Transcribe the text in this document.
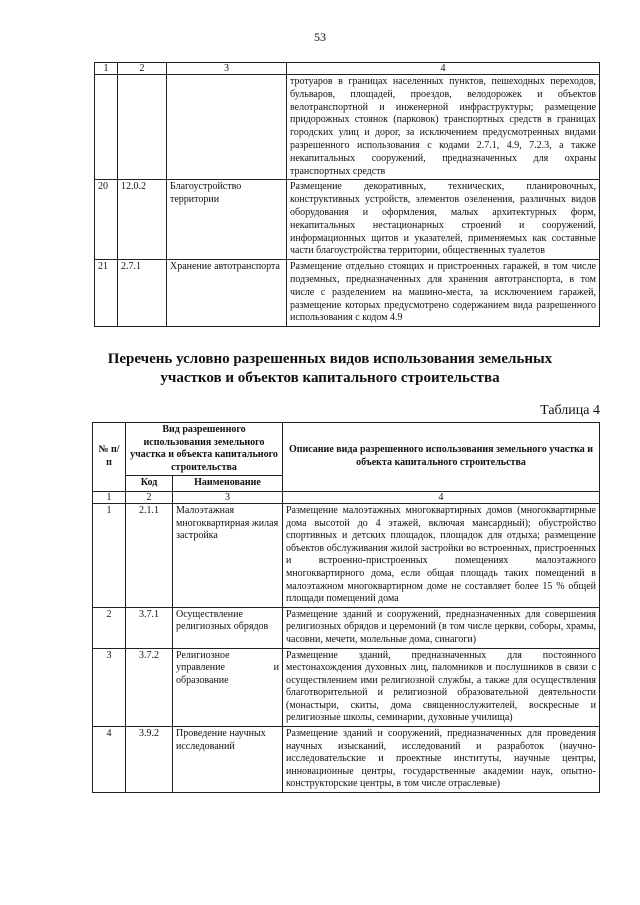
53
1	2	3	4
			тротуаров в границах населенных пунктов, пешеходных переходов, бульваров, площадей, проездов, велодорожек и объектов велотранспортной и инженерной инфраструктуры; размещение придорожных стоянок (парковок) транспортных средств в границах городских улиц и дорог, за исключением предусмотренных видами разрешенного использования с кодами 2.7.1, 4.9, 7.2.3, а также некапитальных сооружений, предназначенных для охраны транспортных средств
20	12.0.2	Благоустройство территории	Размещение декоративных, технических, планировочных, конструктивных устройств, элементов озеленения, различных видов оборудования и оформления, малых архитектурных форм, некапитальных нестационарных строений и сооружений, информационных щитов и указателей, применяемых как составные части благоустройства территории, общественных туалетов
21	2.7.1	Хранение автотранспорта	Размещение отдельно стоящих и пристроенных гаражей, в том числе подземных, предназначенных для хранения автотранспорта, в том числе с разделением на машино-места, за исключением гаражей, размещение которых предусмотрено содержанием вида разрешенного использования с кодом 4.9
Перечень условно разрешенных видов использования земельных участков и объектов капитального строительства
Таблица 4
№ п/п	Вид разрешенного использования земельного участка и объекта капитального строительства		Описание вида разрешенного использования земельного участка и объекта капитального строительства
	Код	Наименование	
1	2	3	4
1	2.1.1	Малоэтажная многоквартирная жилая застройка	Размещение малоэтажных многоквартирных домов (многоквартирные дома высотой до 4 этажей, включая мансардный); обустройство спортивных и детских площадок, площадок для отдыха; размещение объектов обслуживания жилой застройки во встроенных, пристроенных и встроенно-пристроенных помещениях малоэтажного многоквартирного дома, если общая площадь таких помещений в малоэтажном многоквартирном доме не составляет более 15 % общей площади помещений дома
2	3.7.1	Осуществление религиозных обрядов	Размещение зданий и сооружений, предназначенных для совершения религиозных обрядов и церемоний (в том числе церкви, соборы, храмы, часовни, мечети, молельные дома, синагоги)
3	3.7.2	Религиозное управление и образование	Размещение зданий, предназначенных для постоянного местонахождения духовных лиц, паломников и послушников в связи с осуществлением ими религиозной службы, а также для осуществления благотворительной и религиозной образовательной деятельности (монастыри, скиты, дома священнослужителей, воскресные и религиозные школы, семинарии, духовные училища)
4	3.9.2	Проведение научных исследований	Размещение зданий и сооружений, предназначенных для проведения научных изысканий, исследований и разработок (научно-исследовательские и проектные институты, научные центры, инновационные центры, государственные академии наук, опытно-конструкторские центры, в том числе отраслевые)
